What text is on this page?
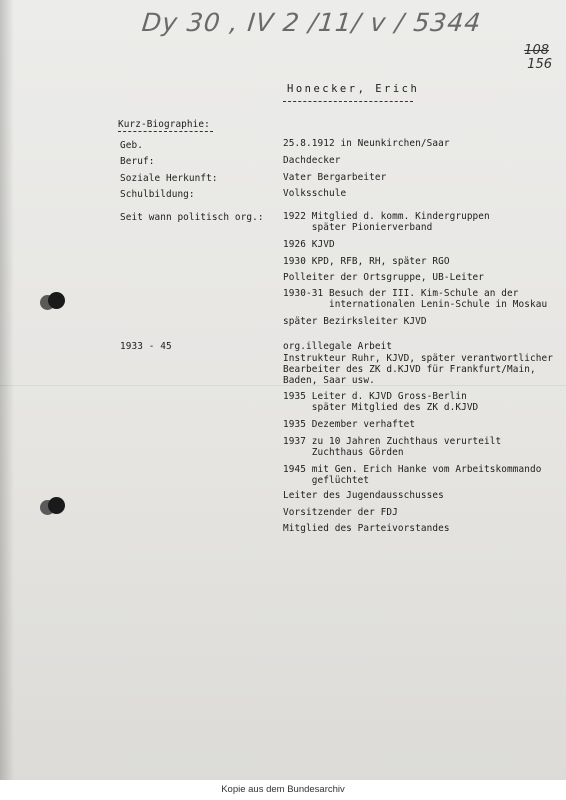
Dy 30 , IV 2 /11/ v / 5344
108
156
Honecker, Erich
Kurz-Biographie:
Geb.	25.8.1912 in Neunkirchen/Saar
Beruf:	Dachdecker
Soziale Herkunft:	Vater Bergarbeiter
Schulbildung:	Volksschule
Seit wann politisch org.: 1922 Mitglied d. komm. Kindergruppen
später Pionierverband
1926 KJVD
1930 KPD, RFB, RH, später RGO
Polleiter der Ortsgruppe, UB-Leiter
1930-31 Besuch der III. Kim-Schule an der
internationalen Lenin-Schule in Moskau
später Bezirksleiter KJVD
1933 - 45	org.illegale Arbeit
Instrukteur Ruhr, KJVD, später verantwortlicher
Bearbeiter des ZK d.KJVD für Frankfurt/Main,
Baden, Saar usw.
1935 Leiter d. KJVD Gross-Berlin
später Mitglied des ZK d.KJVD
1935 Dezember verhaftet
1937 zu 10 Jahren Zuchthaus verurteilt
Zuchthaus Görden
1945 mit Gen. Erich Hanke vom Arbeitskommando
geflüchtet
Leiter des Jugendausschusses
Vorsitzender der FDJ
Mitglied des Parteivorstandes
Kopie aus dem Bundesarchiv
